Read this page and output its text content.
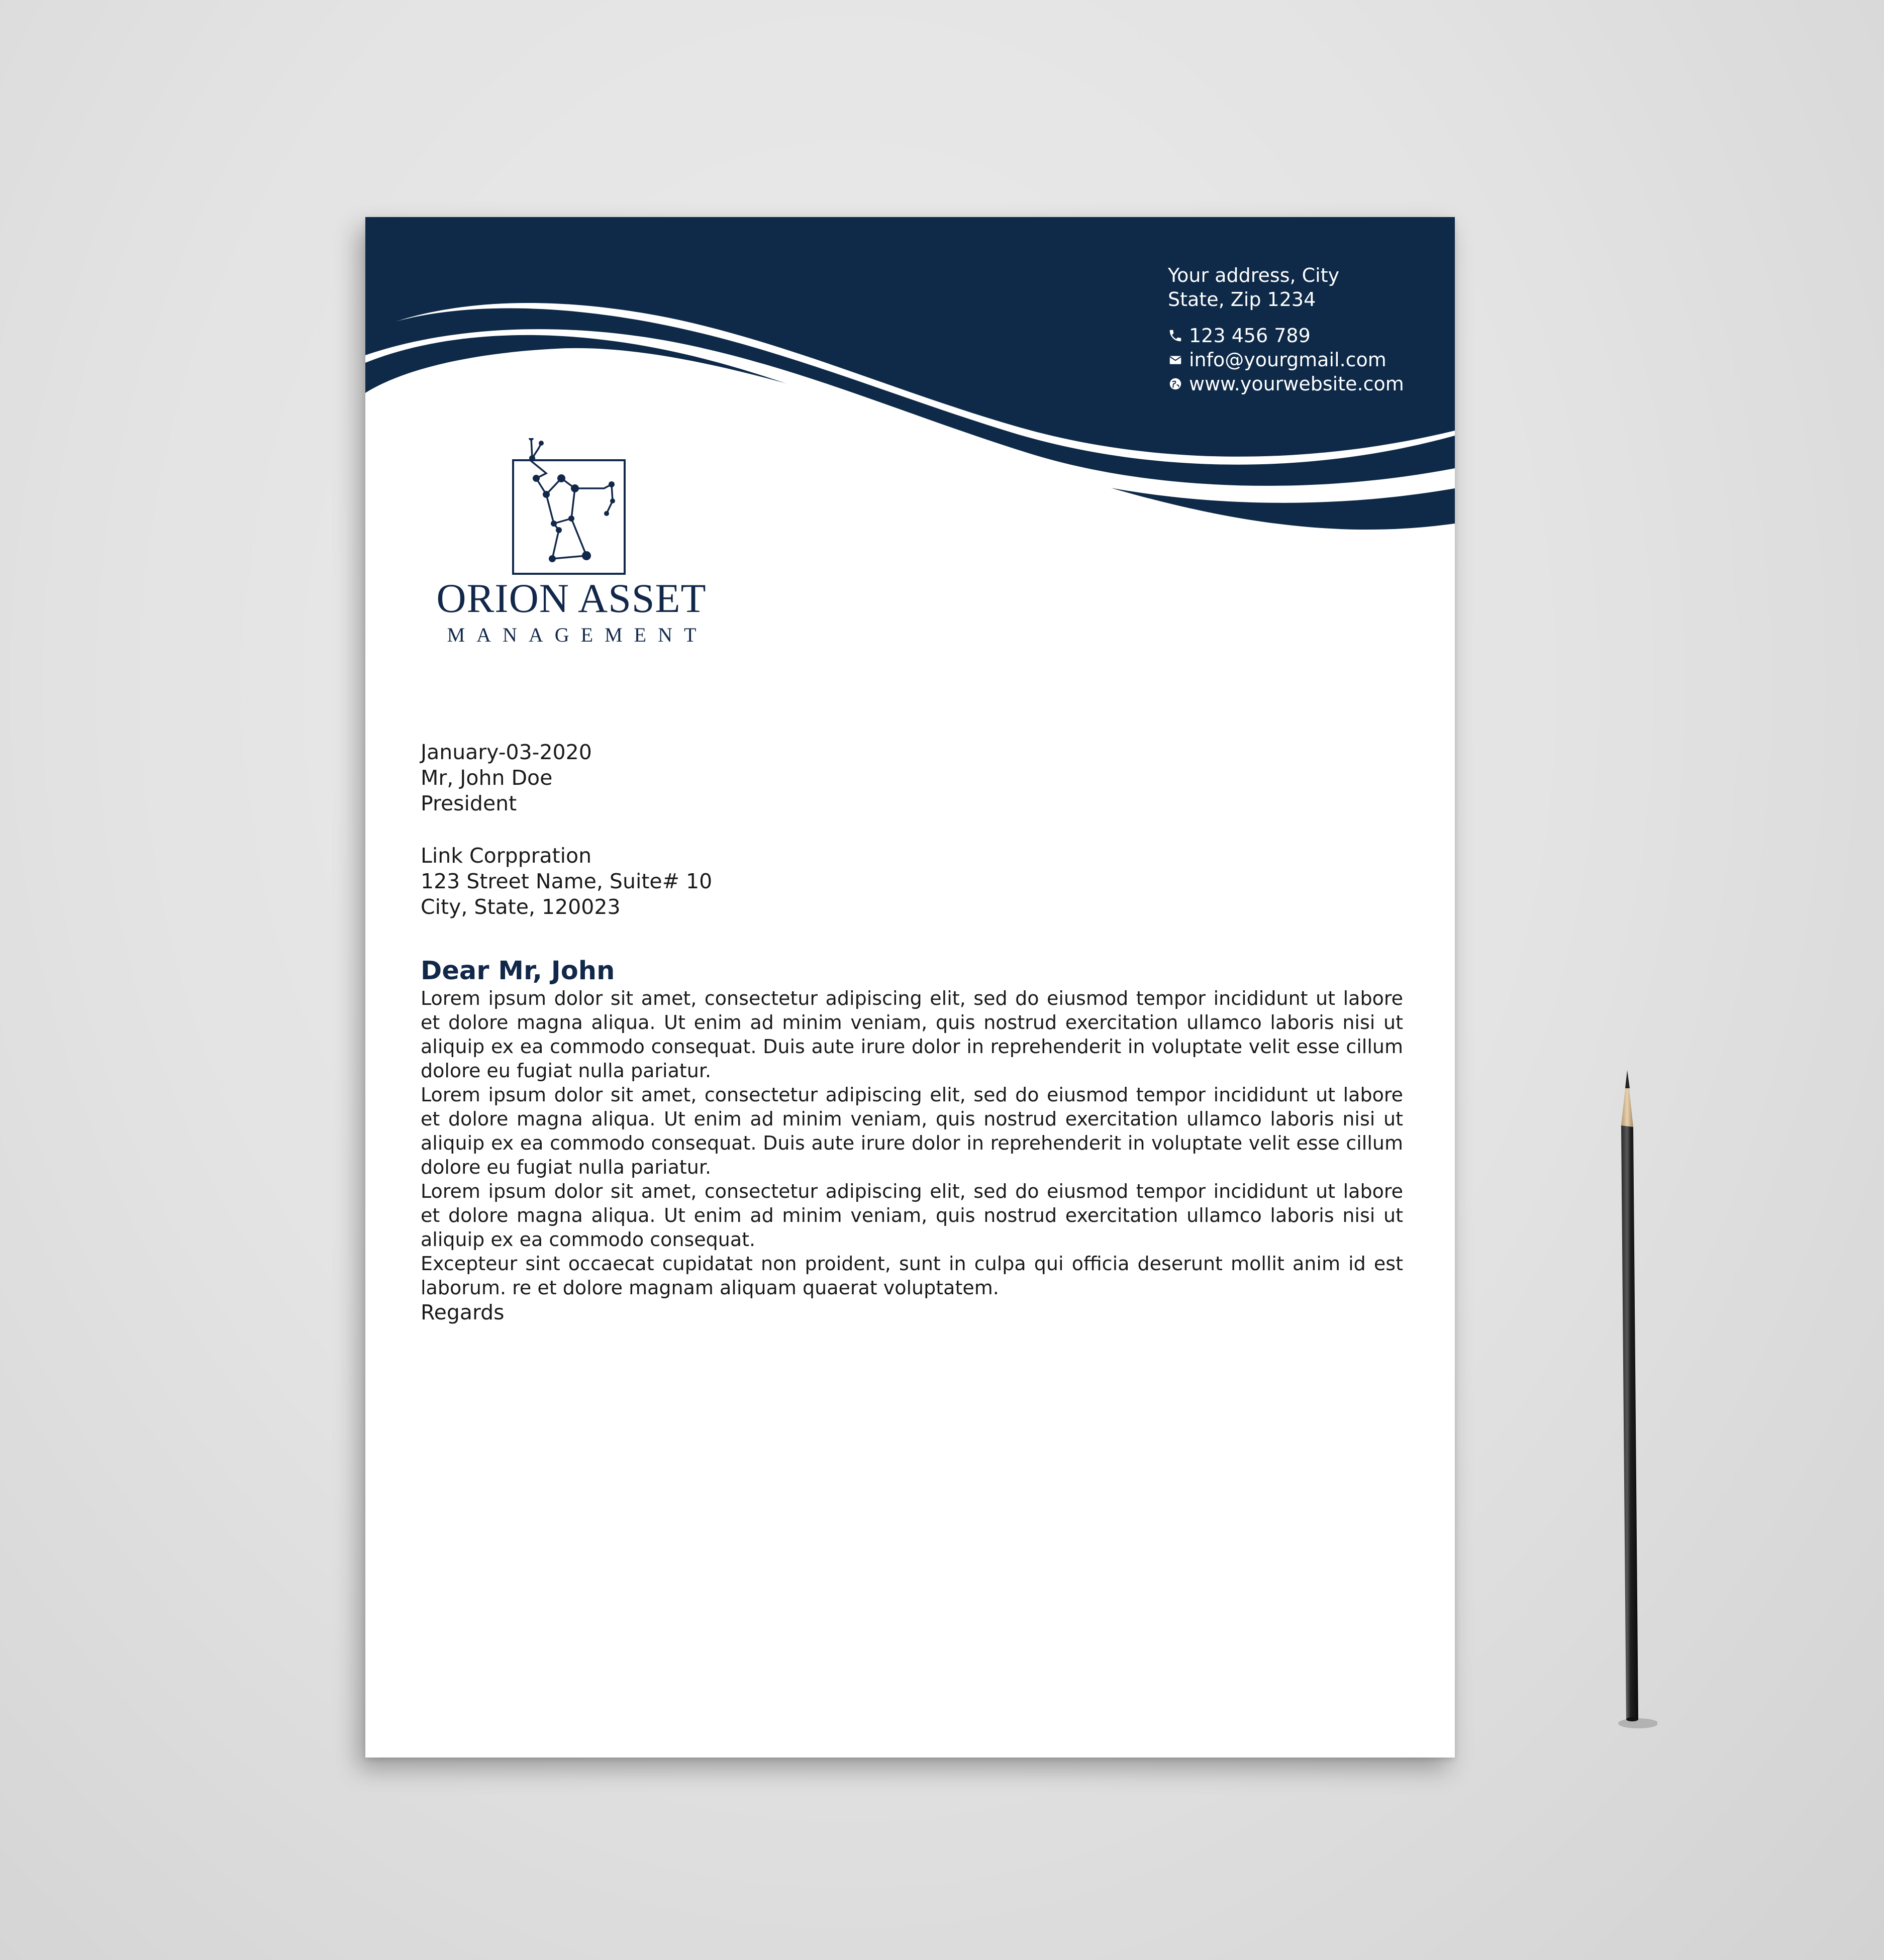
Your address, City
State, Zip 1234
123 456 789
info@yourgmail.com
www.yourwebsite.com
ORION ASSET
MANAGEMENT

January-03-2020

Mr, John Doe

President

Link Corppration

123 Street Name, Suite# 10

City, State, 120023

Dear Mr, John

Lorem ipsum dolor sit amet, consectetur adipiscing elit, sed do eiusmod tempor incididunt ut labore et dolore magna aliqua. Ut enim ad minim veniam, quis nostrud exercitation ullamco laboris nisi ut aliquip ex ea commodo consequat. Duis aute irure dolor in reprehenderit in voluptate velit esse cillum dolore eu fugiat nulla pariatur.

Lorem ipsum dolor sit amet, consectetur adipiscing elit, sed do eiusmod tempor incididunt ut labore et dolore magna aliqua. Ut enim ad minim veniam, quis nostrud exercitation ullamco laboris nisi ut aliquip ex ea commodo consequat. Duis aute irure dolor in reprehenderit in voluptate velit esse cillum dolore eu fugiat nulla pariatur.

Lorem ipsum dolor sit amet, consectetur adipiscing elit, sed do eiusmod tempor incididunt ut labore et dolore magna aliqua. Ut enim ad minim veniam, quis nostrud exercitation ullamco laboris nisi ut aliquip ex ea commodo consequat.

Excepteur sint occaecat cupidatat non proident, sunt in culpa qui officia deserunt mollit anim id est laborum. re et dolore magnam aliquam quaerat voluptatem.

Regards
